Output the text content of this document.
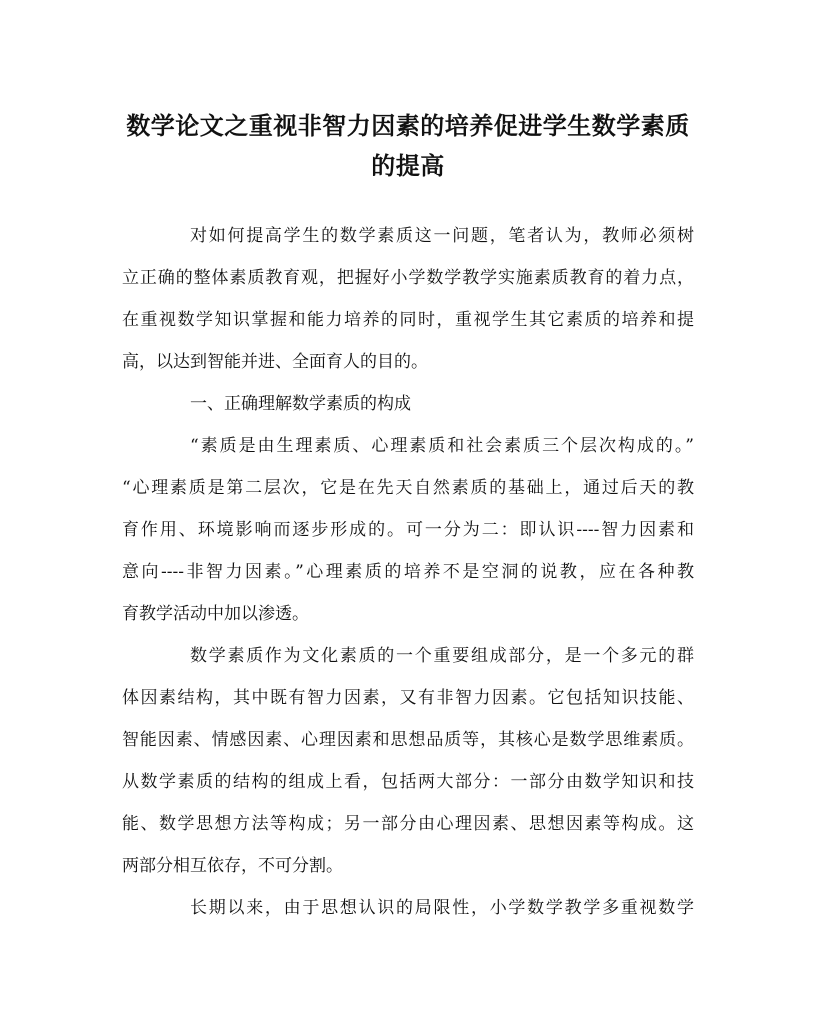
数学论文之重视非智力因素的培养促进学生数学素质
的提高
对如何提高学生的数学素质这一问题，笔者认为，教师必须树
立正确的整体素质教育观，把握好小学数学教学实施素质教育的着力点，
在重视数学知识掌握和能力培养的同时，重视学生其它素质的培养和提
高，以达到智能并进、全面育人的目的。
一、正确理解数学素质的构成
“素质是由生理素质、心理素质和社会素质三个层次构成的。”
“心理素质是第二层次，它是在先天自然素质的基础上，通过后天的教
育作用、环境影响而逐步形成的。可一分为二：即认识----智力因素和
意向----非智力因素。”心理素质的培养不是空洞的说教，应在各种教
育教学活动中加以渗透。
数学素质作为文化素质的一个重要组成部分，是一个多元的群
体因素结构，其中既有智力因素，又有非智力因素。它包括知识技能、
智能因素、情感因素、心理因素和思想品质等，其核心是数学思维素质。
从数学素质的结构的组成上看，包括两大部分：一部分由数学知识和技
能、数学思想方法等构成；另一部分由心理因素、思想因素等构成。这
两部分相互依存，不可分割。
长期以来，由于思想认识的局限性，小学数学教学多重视数学
